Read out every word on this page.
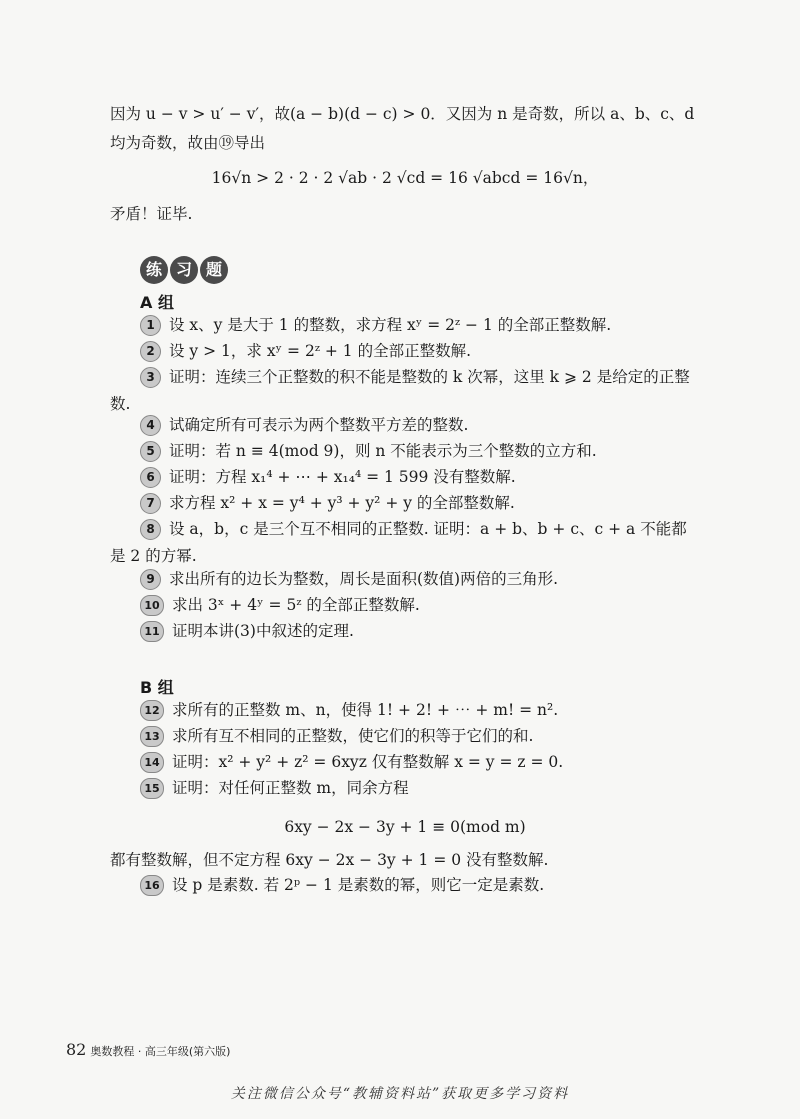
因为 u − v > u′ − v′，故(a − b)(d − c) > 0．又因为 n 是奇数，所以 a、b、c、d 均为奇数，故由⑲导出

16√n > 2 · 2 · 2 √ab · 2 √cd = 16 √abcd = 16√n，

矛盾！证毕.

练 习 题

A 组

1 设 x、y 是大于 1 的整数，求方程 xʸ = 2ᶻ − 1 的全部正整数解.
2 设 y > 1，求 xʸ = 2ᶻ + 1 的全部正整数解.
3 证明：连续三个正整数的积不能是整数的 k 次幂，这里 k ⩾ 2 是给定的正整数.
4 试确定所有可表示为两个整数平方差的整数.
5 证明：若 n ≡ 4(mod 9)，则 n 不能表示为三个整数的立方和.
6 证明：方程 x₁⁴ + ⋯ + x₁₄⁴ = 1 599 没有整数解.
7 求方程 x² + x = y⁴ + y³ + y² + y 的全部整数解.
8 设 a，b，c 是三个互不相同的正整数. 证明：a + b、b + c、c + a 不能都是 2 的方幂.
9 求出所有的边长为整数，周长是面积(数值)两倍的三角形.
10 求出 3ˣ + 4ʸ = 5ᶻ 的全部正整数解.
11 证明本讲(3)中叙述的定理.

B 组

12 求所有的正整数 m、n，使得 1! + 2! + ⋯ + m! = n².
13 求所有互不相同的正整数，使它们的积等于它们的和.
14 证明：x² + y² + z² = 6xyz 仅有整数解 x = y = z = 0.
15 证明：对任何正整数 m，同余方程

6xy − 2x − 3y + 1 ≡ 0(mod m)

都有整数解，但不定方程 6xy − 2x − 3y + 1 = 0 没有整数解.

16 设 p 是素数. 若 2ᵖ − 1 是素数的幂，则它一定是素数.
82 奥数教程 · 高三年级(第六版)
关注微信公众号“教辅资料站”获取更多学习资料
